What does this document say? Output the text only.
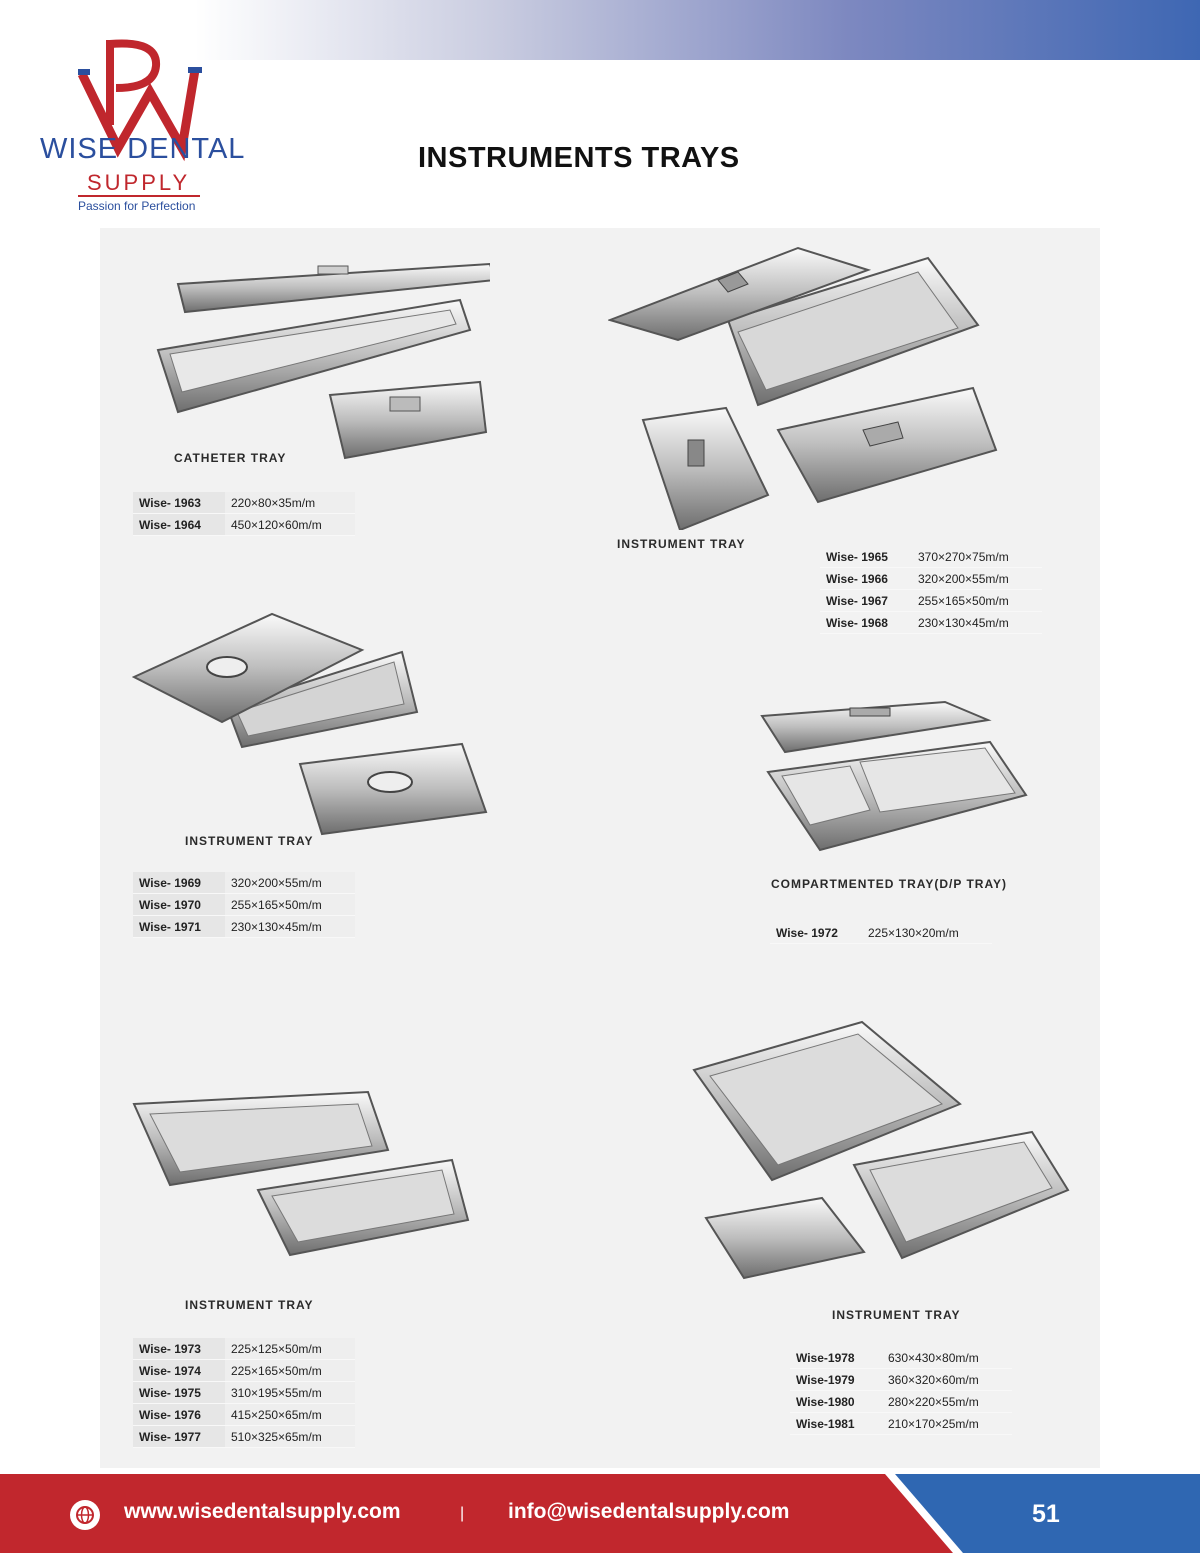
WISE DENTAL
SUPPLY
Passion for Perfection
INSTRUMENTS TRAYS
CATHETER TRAY
Wise- 1963	220×80×35m/m
Wise- 1964	450×120×60m/m
INSTRUMENT TRAY
Wise- 1965	370×270×75m/m
Wise- 1966	320×200×55m/m
Wise- 1967	255×165×50m/m
Wise- 1968	230×130×45m/m
INSTRUMENT TRAY
Wise- 1969	320×200×55m/m
Wise- 1970	255×165×50m/m
Wise- 1971	230×130×45m/m
COMPARTMENTED TRAY(D/P TRAY)
Wise- 1972	225×130×20m/m
INSTRUMENT TRAY
Wise- 1973	225×125×50m/m
Wise- 1974	225×165×50m/m
Wise- 1975	310×195×55m/m
Wise- 1976	415×250×65m/m
Wise- 1977	510×325×65m/m
INSTRUMENT TRAY
Wise-1978	630×430×80m/m
Wise-1979	360×320×60m/m
Wise-1980	280×220×55m/m
Wise-1981	210×170×25m/m
www.wisedentalsupply.com	| info@wisedentalsupply.com	51
